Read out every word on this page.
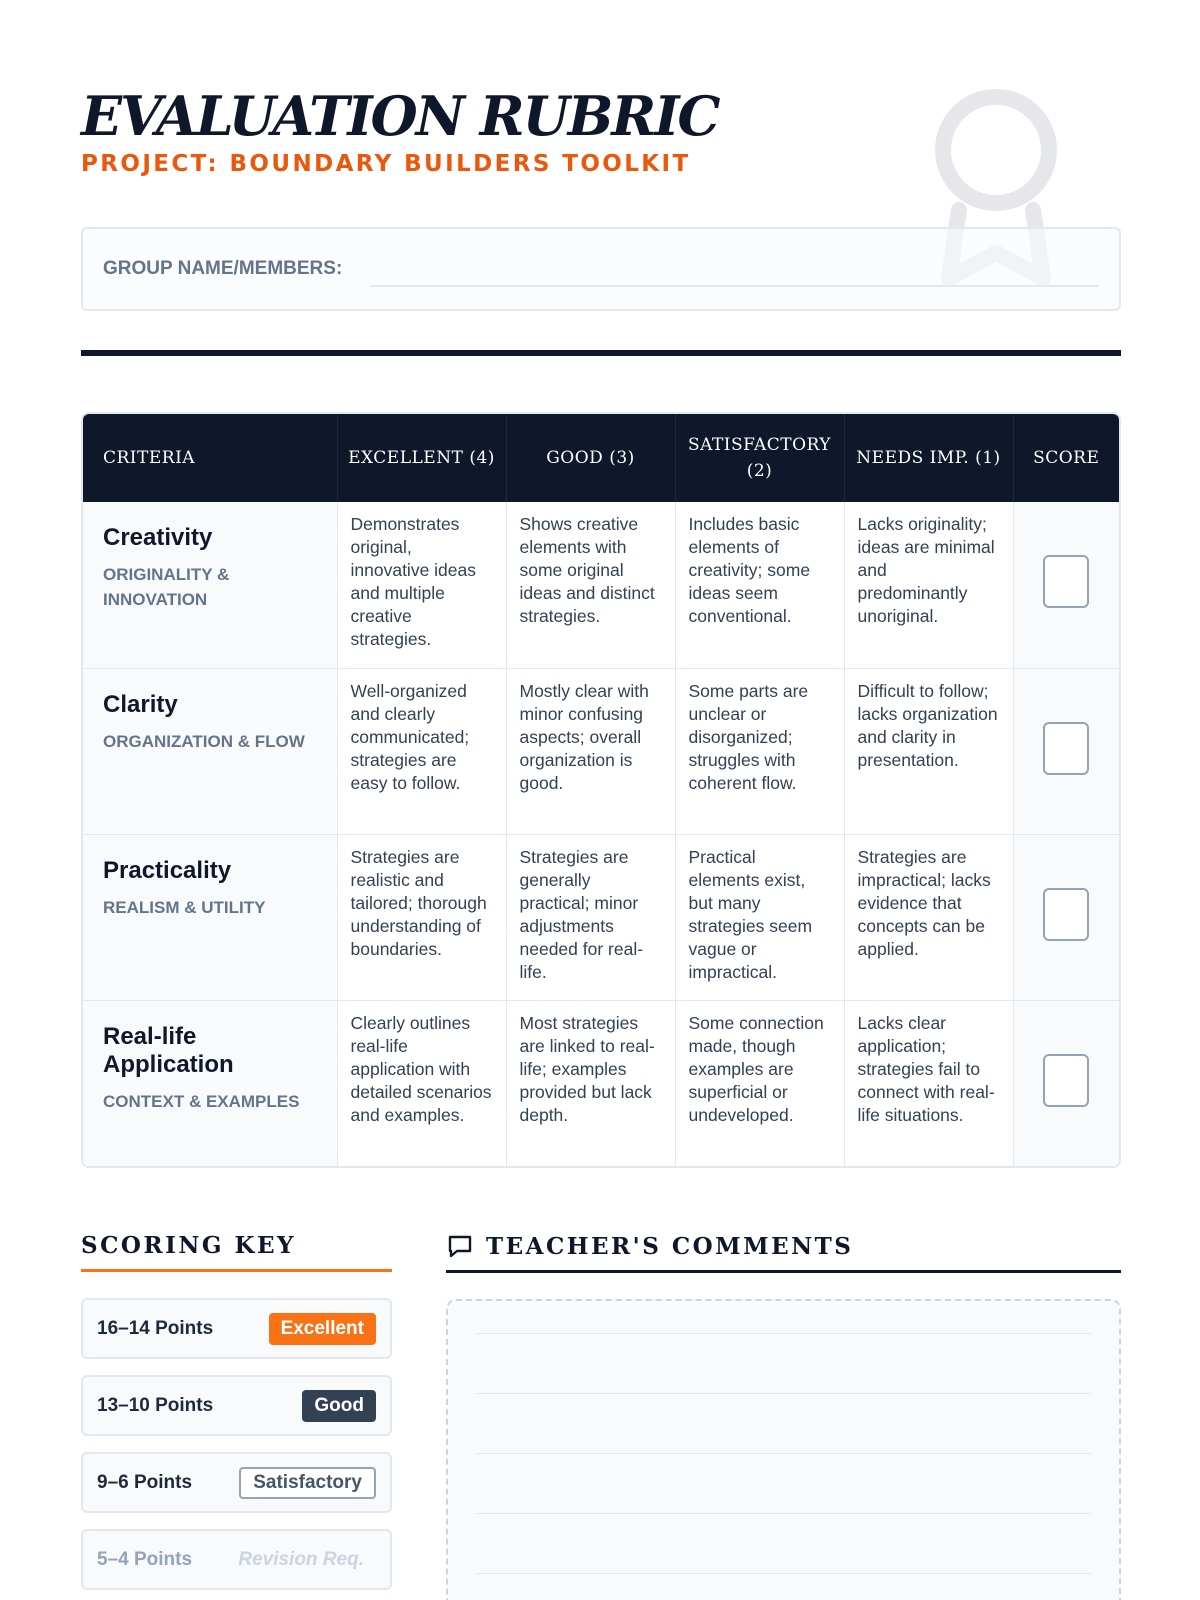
EVALUATION RUBRIC
PROJECT: BOUNDARY BUILDERS TOOLKIT
GROUP NAME/MEMBERS:
CRITERIA	EXCELLENT (4)	GOOD (3)	SATISFACTORY (2)	NEEDS IMP. (1)	SCORE

Creativity
ORIGINALITY & INNOVATION	Demonstrates original, innovative ideas and multiple creative strategies.	Shows creative elements with some original ideas and distinct strategies.	Includes basic elements of creativity; some ideas seem conventional.	Lacks originality; ideas are minimal and predominantly unoriginal.	

Clarity
ORGANIZATION & FLOW	Well-organized and clearly communicated; strategies are easy to follow.	Mostly clear with minor confusing aspects; overall organization is good.	Some parts are unclear or disorganized; struggles with coherent flow.	Difficult to follow; lacks organization and clarity in presentation.	

Practicality
REALISM & UTILITY	Strategies are realistic and tailored; thorough understanding of boundaries.	Strategies are generally practical; minor adjustments needed for real-life.	Practical elements exist, but many strategies seem vague or impractical.	Strategies are impractical; lacks evidence that concepts can be applied.	

Real-life Application
CONTEXT & EXAMPLES	Clearly outlines real-life application with detailed scenarios and examples.	Most strategies are linked to real-life; examples provided but lack depth.	Some connection made, though examples are superficial or undeveloped.	Lacks clear application; strategies fail to connect with real-life situations.	
SCORING KEY
16–14 Points	Excellent
13–10 Points	Good
9–6 Points	Satisfactory
5–4 Points	Revision Req.
TEACHER'S COMMENTS
